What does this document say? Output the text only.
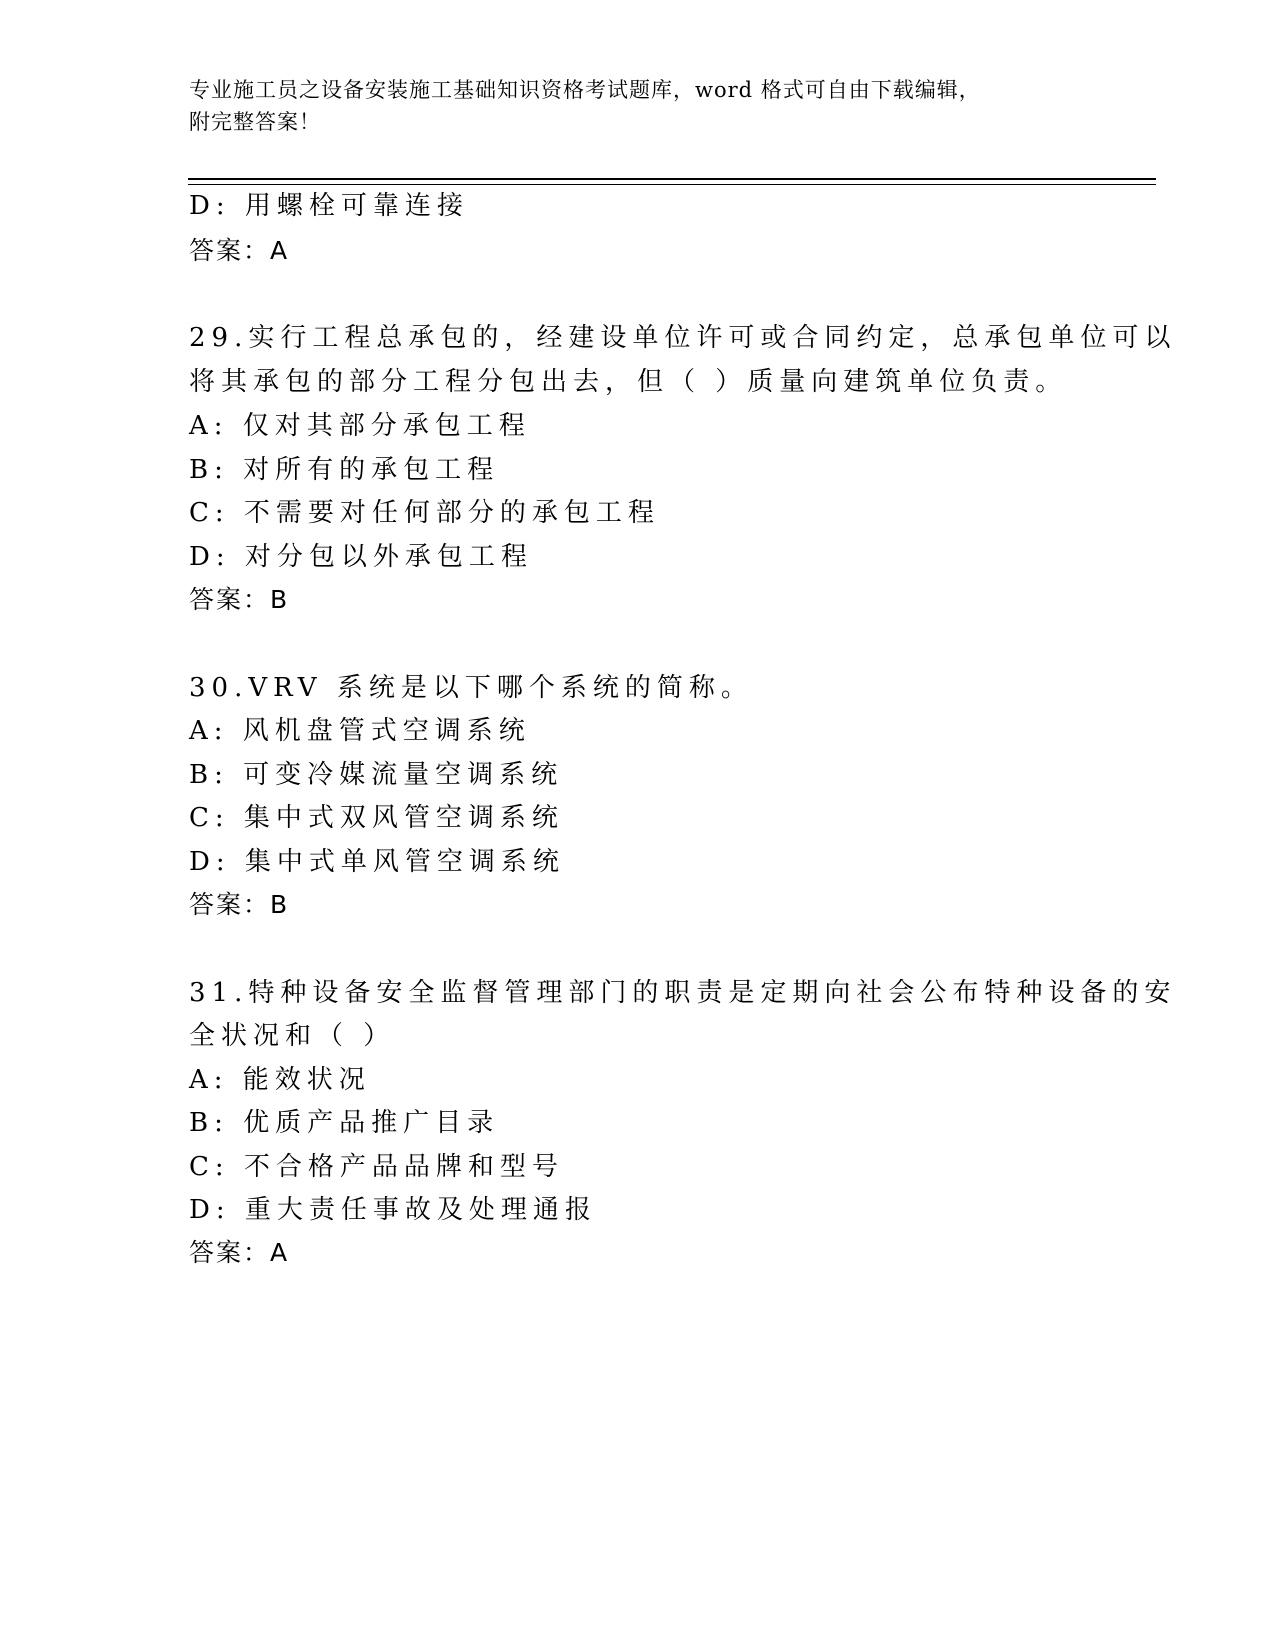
专业施工员之设备安装施工基础知识资格考试题库，word 格式可自由下载编辑，
附完整答案！
D: 用螺栓可靠连接
答案：A
29.实行工程总承包的，经建设单位许可或合同约定，总承包单位可以
将其承包的部分工程分包出去，但（ ）质量向建筑单位负责。
A: 仅对其部分承包工程
B: 对所有的承包工程
C: 不需要对任何部分的承包工程
D: 对分包以外承包工程
答案：B
30.VRV 系统是以下哪个系统的简称。
A: 风机盘管式空调系统
B: 可变冷媒流量空调系统
C: 集中式双风管空调系统
D: 集中式单风管空调系统
答案：B
31.特种设备安全监督管理部门的职责是定期向社会公布特种设备的安
全状况和（ ）
A: 能效状况
B: 优质产品推广目录
C: 不合格产品品牌和型号
D: 重大责任事故及处理通报
答案：A
